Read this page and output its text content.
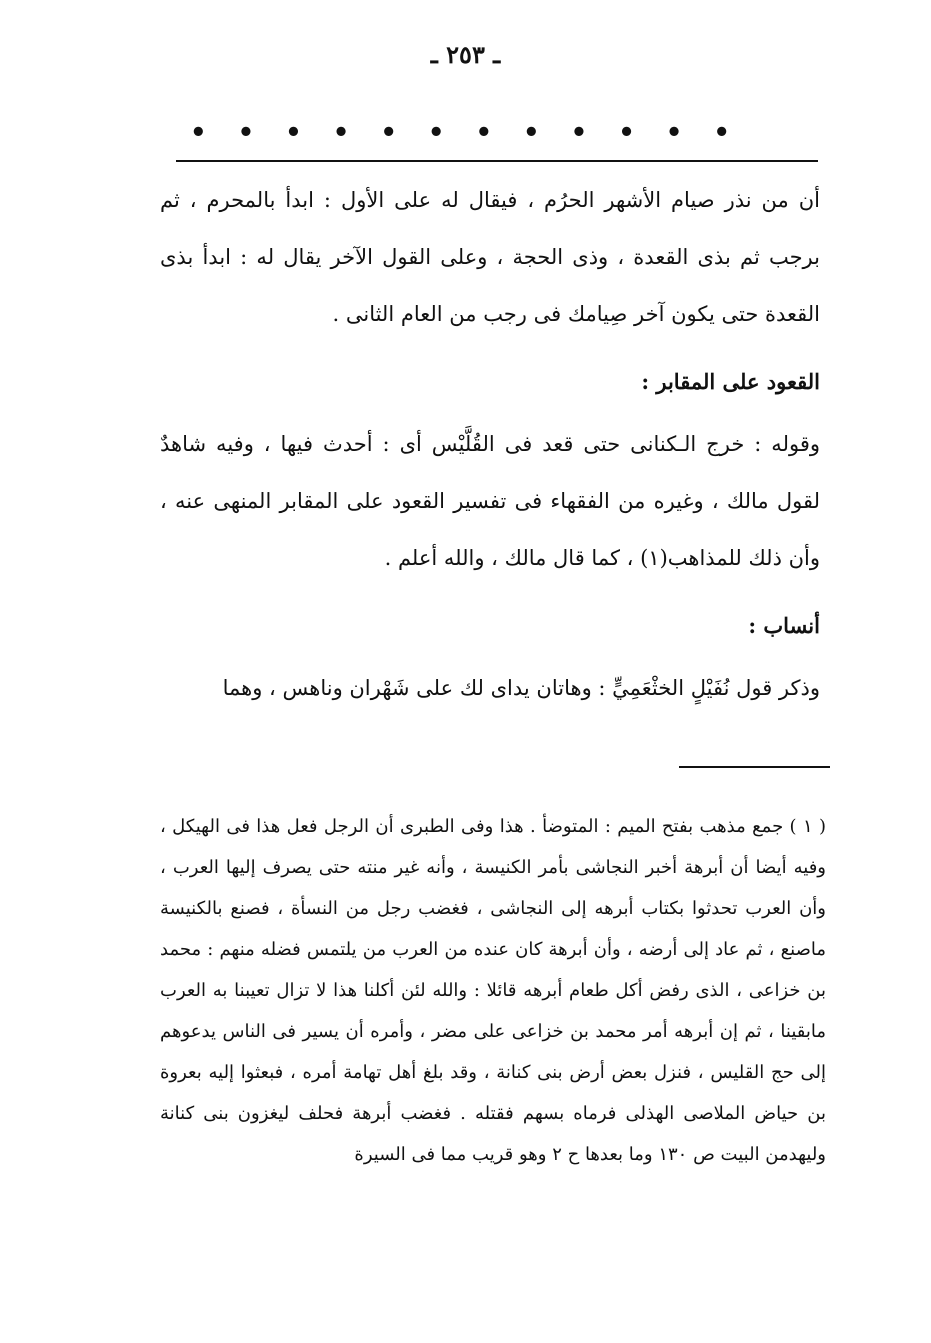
ـ ٢٥٣ ـ
• • • • • • • • • • • •

أن من نذر صيام الأشهر الحرُم ، فيقال له على الأول : ابدأ بالمحرم ، ثم برجب ثم بذى القعدة ، وذى الحجة ، وعلى القول الآخر يقال له : ابدأ بذى القعدة حتى يكون آخر صِيامك فى رجب من العام الثانى .

القعود على المقابر :

وقوله : خرج الـكنانى حتى قعد فى القُلَّيْس أى : أحدث فيها ، وفيه شاهدٌ لقول مالك ، وغيره من الفقهاء فى تفسير القعود على المقابر المنهى عنه ، وأن ذلك للمذاهب(١) ، كما قال مالك ، والله أعلم .

أنساب :

وذكر قول نُفَيْلٍ الخثْعَمِيٍّ : وهاتان يداى لك على شَهْران وناهس ، وهما

( ١ ) جمع مذهب بفتح الميم : المتوضأ . هذا وفى الطبرى أن الرجل فعل هذا فى الهيكل ، وفيه أيضا أن أبرهة أخبر النجاشى بأمر الكنيسة ، وأنه غير منته حتى يصرف إليها العرب ، وأن العرب تحدثوا بكتاب أبرهه إلى النجاشى ، فغضب رجل من النسأة ، فصنع بالكنيسة ماصنع ، ثم عاد إلى أرضه ، وأن أبرهة كان عنده من العرب من يلتمس فضله منهم : محمد بن خزاعى ، الذى رفض أكل طعام أبرهه قائلا : والله لئن أكلنا هذا لا تزال تعيبنا به العرب مابقينا ، ثم إن أبرهه أمر محمد بن خزاعى على مضر ، وأمره أن يسير فى الناس يدعوهم إلى حج القليس ، فنزل بعض أرض بنى كنانة ، وقد بلغ أهل تهامة أمره ، فبعثوا إليه بعروة بن حياض الملاصى الهذلى فرماه بسهم فقتله . فغضب أبرهة فحلف ليغزون بنى كنانة وليهدمن البيت ص ١٣٠ وما بعدها ح ٢ وهو قريب مما فى السيرة
